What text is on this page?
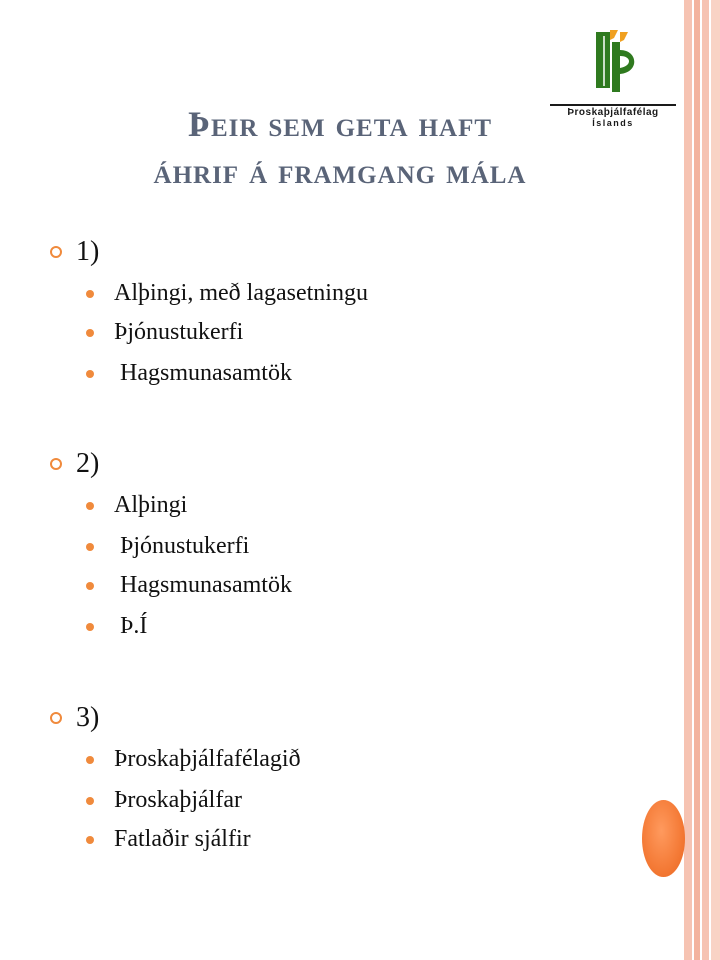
Þroskaþjálfafélag
Íslands
Þeir sem geta haft
áhrif á framgang mála
1)
Alþingi, með lagasetningu
Þjónustukerfi
Hagsmunasamtök
2)
Alþingi
Þjónustukerfi
Hagsmunasamtök
Þ.Í
3)
Þroskaþjálfafélagið
Þroskaþjálfar
Fatlaðir sjálfir
